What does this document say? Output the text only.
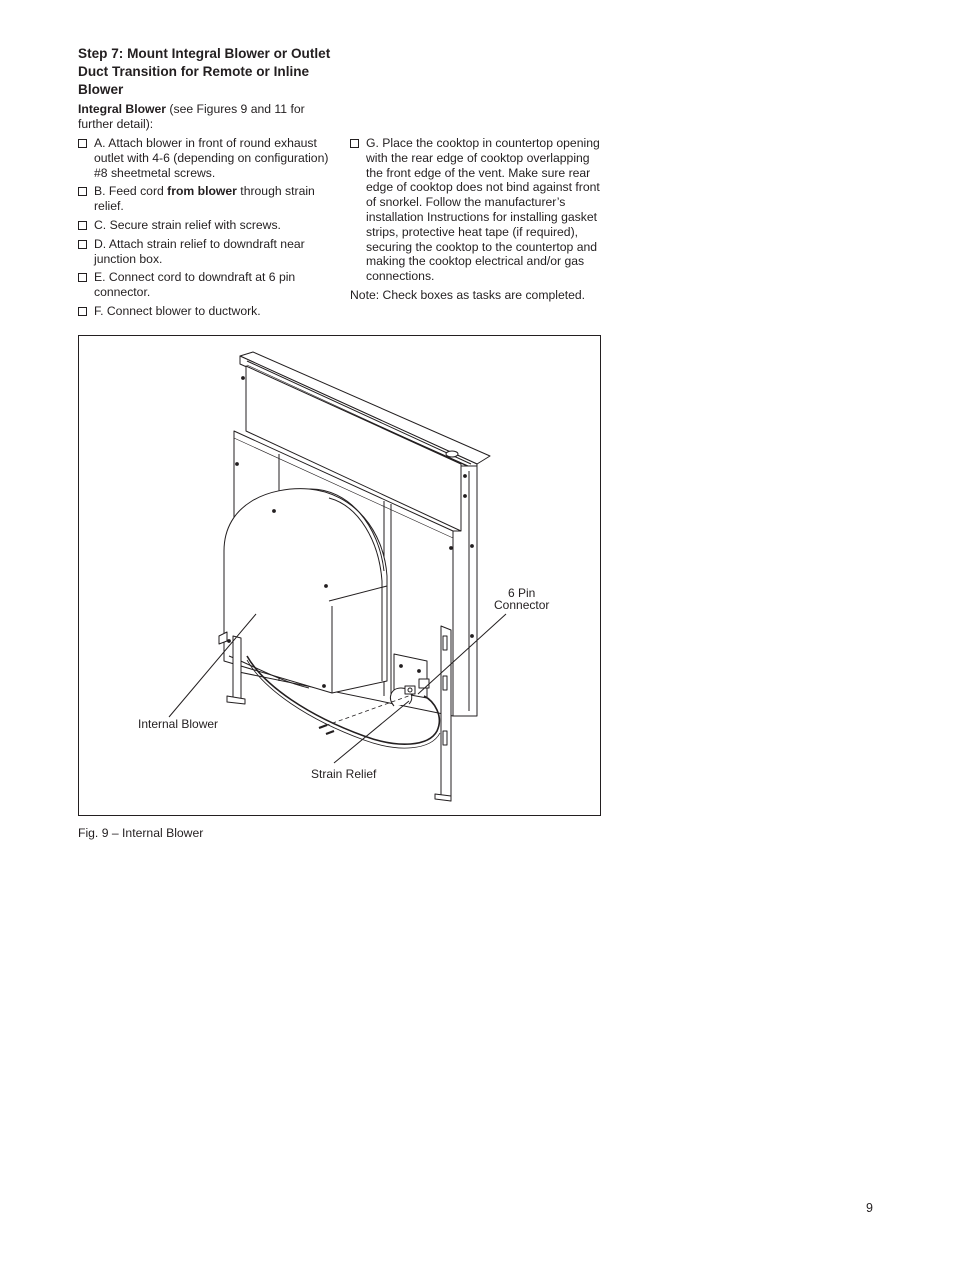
Step 7: Mount Integral Blower or Outlet Duct Transition for Remote or Inline Blower

Integral Blower (see Figures 9 and 11 for further detail):

A. Attach blower in front of round exhaust outlet with 4-6 (depending on configuration) #8 sheetmetal screws.
B. Feed cord from blower through strain relief.
C. Secure strain relief with screws.
D. Attach strain relief to downdraft near junction box.
E. Connect cord to downdraft at 6 pin connector.
F. Connect blower to ductwork.
G. Place the cooktop in countertop opening with the rear edge of cooktop overlapping the front edge of the vent. Make sure rear edge of cooktop does not bind against front of snorkel. Follow the manufacturer’s installation Instructions for installing gasket strips, protective heat tape (if required), securing the cooktop to the countertop and making the cooktop electrical and/or gas connections.

Note: Check boxes as tasks are completed.

6 Pin
Connector
Internal Blower
Strain Relief

Fig. 9 – Internal Blower

9
